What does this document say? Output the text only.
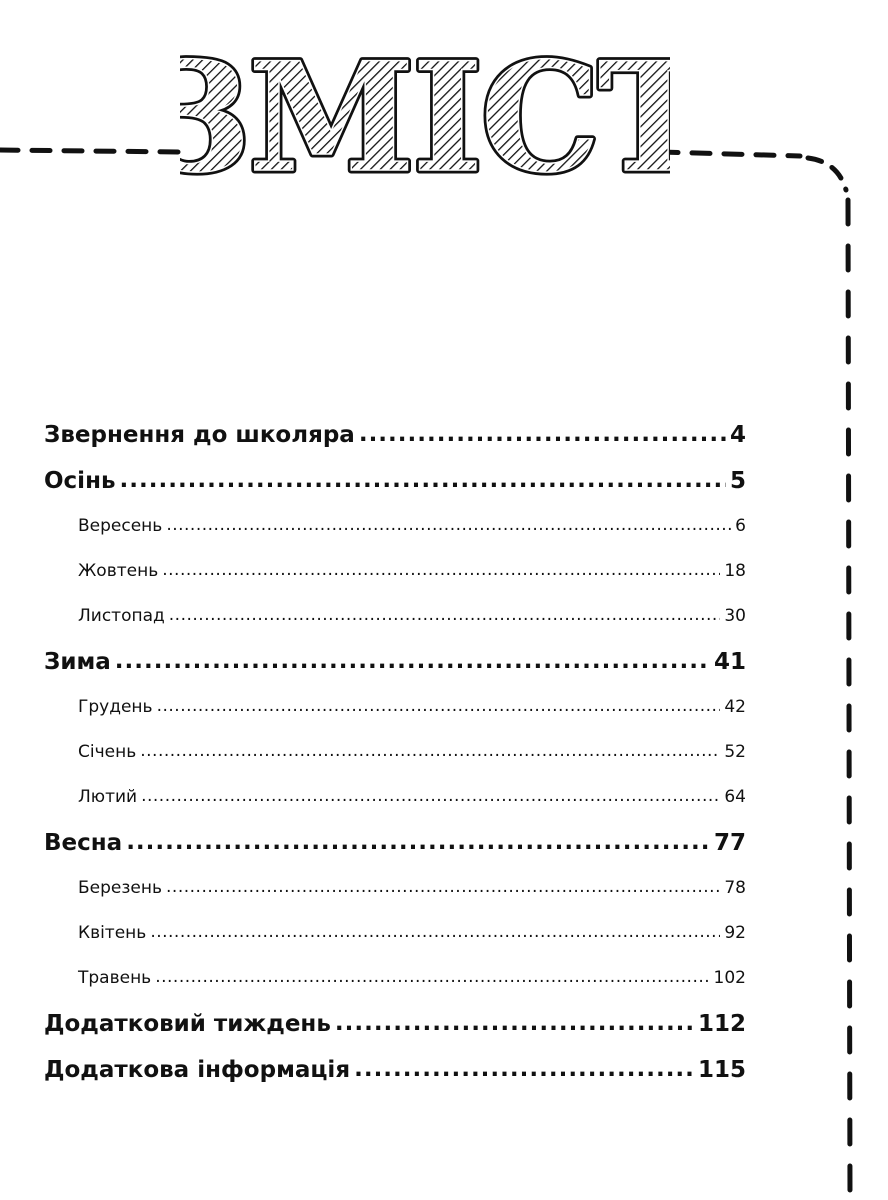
ЗМІСТ
ЗМІСТ
Звернення до школяра .....	4
Осінь .....	5
Вересень .....	6
Жовтень .....	18
Листопад .....	30
Зима .....	41
Грудень .....	42
Січень .....	52
Лютий .....	64
Весна .....	77
Березень .....	78
Квітень .....	92
Травень .....	102
Додатковий тиждень .....	112
Додаткова інформація .....	115
